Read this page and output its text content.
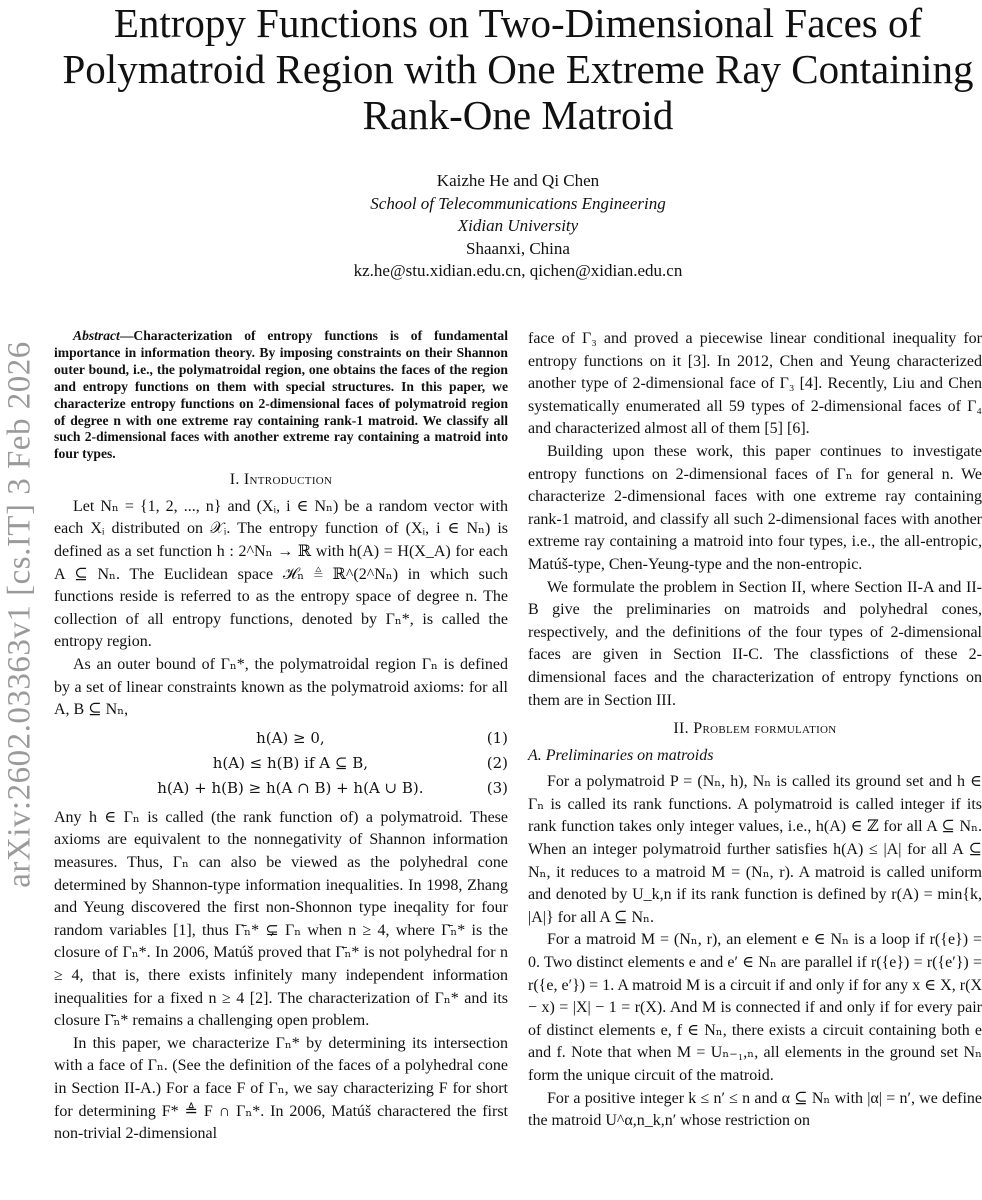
arXiv:2602.03363v1 [cs.IT] 3 Feb 2026
Entropy Functions on Two-Dimensional Faces of Polymatroid Region with One Extreme Ray Containing Rank-One Matroid
Kaizhe He and Qi Chen
School of Telecommunications Engineering
Xidian University
Shaanxi, China
kz.he@stu.xidian.edu.cn, qichen@xidian.edu.cn

Abstract—Characterization of entropy functions is of fundamental importance in information theory. By imposing constraints on their Shannon outer bound, i.e., the polymatroidal region, one obtains the faces of the region and entropy functions on them with special structures. In this paper, we characterize entropy functions on 2-dimensional faces of polymatroid region of degree n with one extreme ray containing rank-1 matroid. We classify all such 2-dimensional faces with another extreme ray containing a matroid into four types.

I. Introduction

Let Nₙ = {1, 2, ..., n} and (Xᵢ, i ∈ Nₙ) be a random vector with each Xᵢ distributed on 𝒳ᵢ. The entropy function of (Xᵢ, i ∈ Nₙ) is defined as a set function h : 2^Nₙ → ℝ with h(A) = H(X_A) for each A ⊆ Nₙ. The Euclidean space ℋₙ ≜ ℝ^(2^Nₙ) in which such functions reside is referred to as the entropy space of degree n. The collection of all entropy functions, denoted by Γₙ*, is called the entropy region.

As an outer bound of Γₙ*, the polymatroidal region Γₙ is defined by a set of linear constraints known as the polymatroid axioms: for all A, B ⊆ Nₙ,

h(A) ≥ 0,	(1)
h(A) ≤ h(B) if A ⊆ B,	(2)
h(A) + h(B) ≥ h(A ∩ B) + h(A ∪ B).	(3)

Any h ∈ Γₙ is called (the rank function of) a polymatroid. These axioms are equivalent to the nonnegativity of Shannon information measures. Thus, Γₙ can also be viewed as the polyhedral cone determined by Shannon-type information inequalities. In 1998, Zhang and Yeung discovered the first non-Shonnon type ineqality for four random variables [1], thus Γ̄ₙ* ⊊ Γₙ when n ≥ 4, where Γ̄ₙ* is the closure of Γₙ*. In 2006, Matúš proved that Γ̄ₙ* is not polyhedral for n ≥ 4, that is, there exists infinitely many independent information inequalities for a fixed n ≥ 4 [2]. The characterization of Γₙ* and its closure Γ̄ₙ* remains a challenging open problem.

In this paper, we characterize Γₙ* by determining its intersection with a face of Γₙ. (See the definition of the faces of a polyhedral cone in Section II-A.) For a face F of Γₙ, we say characterizing F for short for determining F* ≜ F ∩ Γₙ*. In 2006, Matúš charactered the first non-trivial 2-dimensional

face of Γ₃ and proved a piecewise linear conditional inequality for entropy functions on it [3]. In 2012, Chen and Yeung characterized another type of 2-dimensional face of Γ₃ [4]. Recently, Liu and Chen systematically enumerated all 59 types of 2-dimensional faces of Γ₄ and characterized almost all of them [5] [6].

Building upon these work, this paper continues to investigate entropy functions on 2-dimensional faces of Γₙ for general n. We characterize 2-dimensional faces with one extreme ray containing rank-1 matroid, and classify all such 2-dimensional faces with another extreme ray containing a matroid into four types, i.e., the all-entropic, Matúš-type, Chen-Yeung-type and the non-entropic.

We formulate the problem in Section II, where Section II-A and II-B give the preliminaries on matroids and polyhedral cones, respectively, and the definitions of the four types of 2-dimensional faces are given in Section II-C. The classfictions of these 2-dimensional faces and the characterization of entropy fynctions on them are in Section III.

II. Problem formulation
A. Preliminaries on matroids

For a polymatroid P = (Nₙ, h), Nₙ is called its ground set and h ∈ Γₙ is called its rank functions. A polymatroid is called integer if its rank function takes only integer values, i.e., h(A) ∈ ℤ for all A ⊆ Nₙ. When an integer polymatroid further satisfies h(A) ≤ |A| for all A ⊆ Nₙ, it reduces to a matroid M = (Nₙ, r). A matroid is called uniform and denoted by U_k,n if its rank function is defined by r(A) = min{k, |A|} for all A ⊆ Nₙ.

For a matroid M = (Nₙ, r), an element e ∈ Nₙ is a loop if r({e}) = 0. Two distinct elements e and e′ ∈ Nₙ are parallel if r({e}) = r({e′}) = r({e, e′}) = 1. A matroid M is a circuit if and only if for any x ∈ X, r(X − x) = |X| − 1 = r(X). And M is connected if and only if for every pair of distinct elements e, f ∈ Nₙ, there exists a circuit containing both e and f. Note that when M = Uₙ₋₁,ₙ, all elements in the ground set Nₙ form the unique circuit of the matroid.

For a positive integer k ≤ n′ ≤ n and α ⊆ Nₙ with |α| = n′, we define the matroid U^α,n_k,n′ whose restriction on
